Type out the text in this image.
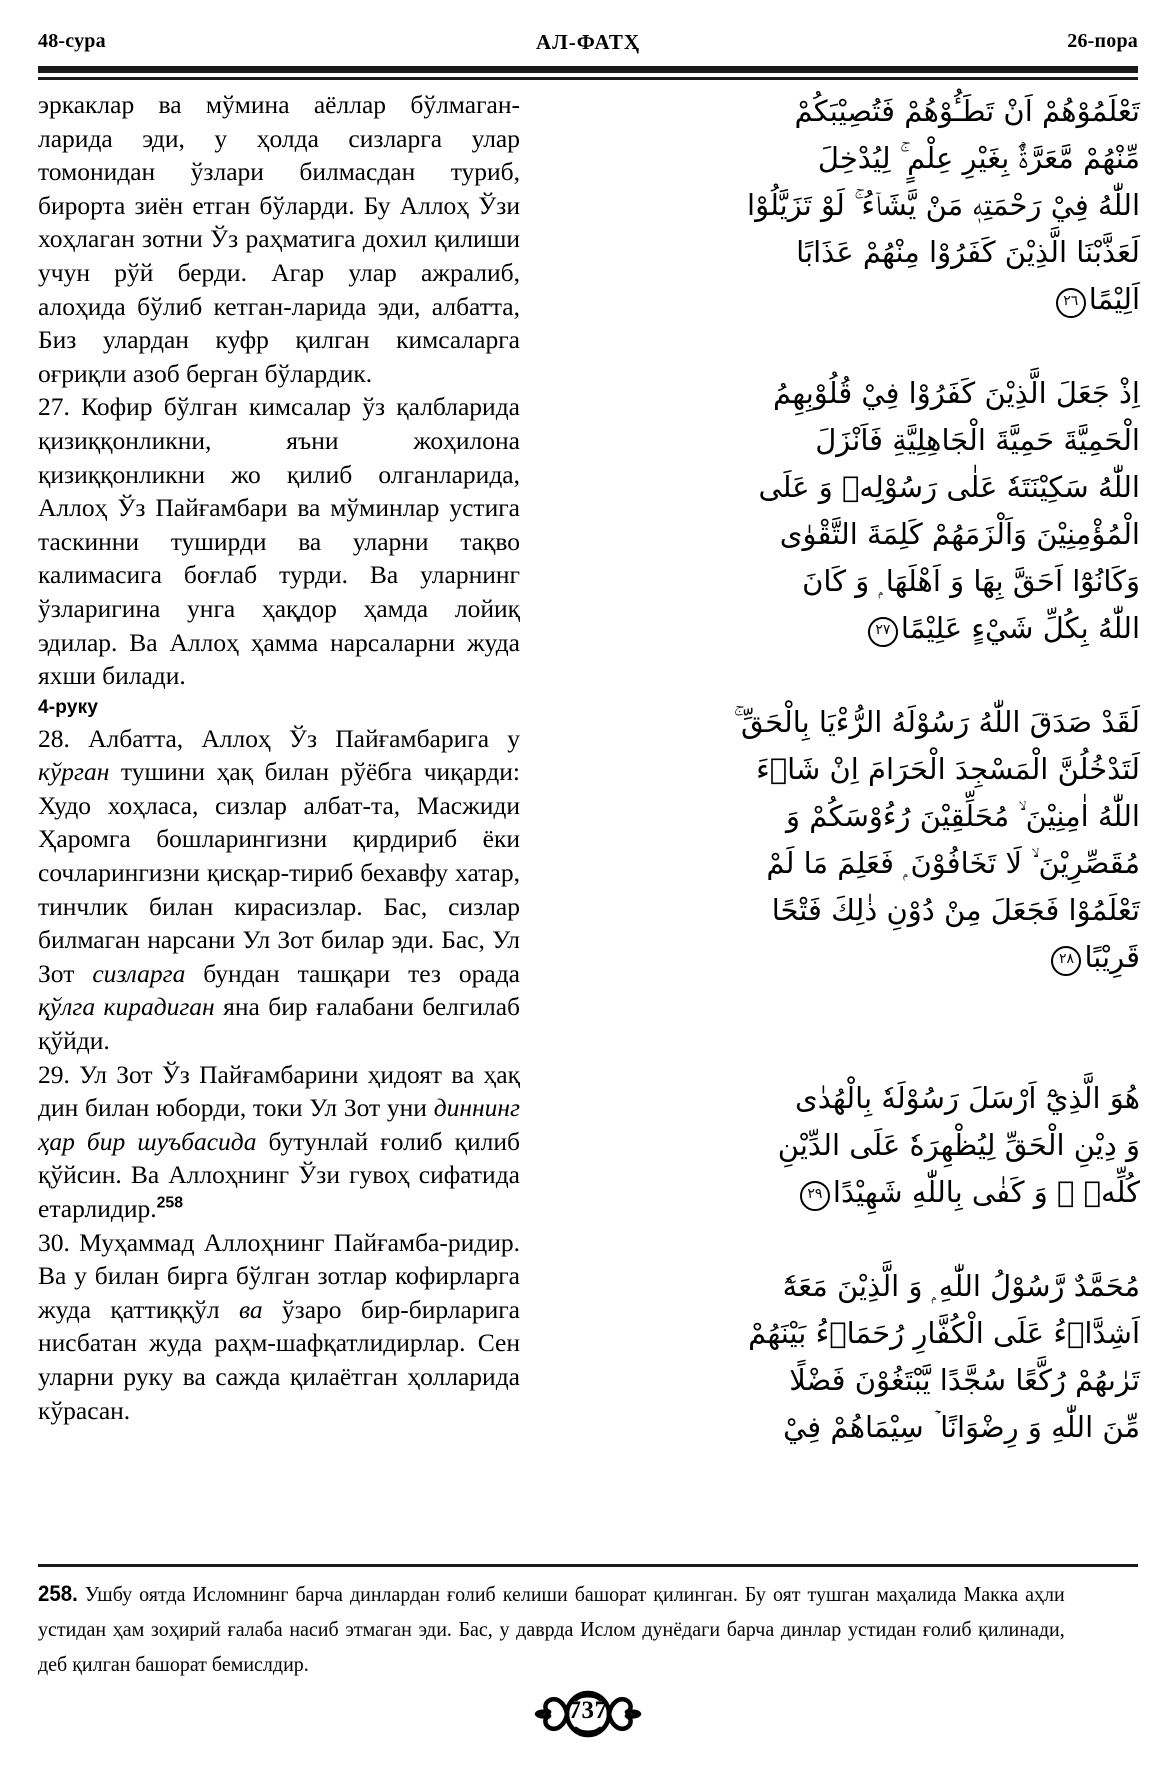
48-сура	АЛ-ФАТҲ	26-пора

эркаклар ва мўмина аёллар бўлмаган-ларида эди, у ҳолда сизларга улар томонидан ўзлари билмасдан туриб, бирорта зиён етган бўларди. Бу Аллоҳ Ўзи хоҳлаган зотни Ўз раҳматига дохил қилиши учун рўй берди. Агар улар ажралиб, алоҳида бўлиб кетган-ларида эди, албатта, Биз улардан куфр қилган кимсаларга оғриқли азоб берган бўлардик.

27. Кофир бўлган кимсалар ўз қалбларида қизиққонликни, яъни жоҳилона қизиққонликни жо қилиб олганларида, Аллоҳ Ўз Пайғамбари ва мўминлар устига таскинни туширди ва уларни тақво калимасига боғлаб турди. Ва уларнинг ўзларигина унга ҳақдор ҳамда лойиқ эдилар. Ва Аллоҳ ҳамма нарсаларни жуда яхши билади.

4-руку

28. Албатта, Аллоҳ Ўз Пайғамбарига у кўрган тушини ҳақ билан рўёбга чиқарди: Худо хоҳласа, сизлар албат-та, Масжиди Ҳаромга бошларингизни қирдириб ёки сочларингизни қисқар-тириб бехавфу хатар, тинчлик билан кирасизлар. Бас, сизлар билмаган нарсани Ул Зот билар эди. Бас, Ул Зот сизларга бундан ташқари тез орада қўлга кирадиган яна бир ғалабани белгилаб қўйди.

29. Ул Зот Ўз Пайғамбарини ҳидоят ва ҳақ дин билан юборди, токи Ул Зот уни диннинг ҳар бир шуъбасида бутунлай ғолиб қилиб қўйсин. Ва Аллоҳнинг Ўзи гувоҳ сифатида етарлидир.$^{258}$

30. Муҳаммад Аллоҳнинг Пайғамба-ридир. Ва у билан бирга бўлган зотлар кофирларга жуда қаттиққўл ва ўзаро бир-бирларига нисбатан жуда раҳм-шафқатлидирлар. Сен уларни руку ва сажда қилаётган ҳолларида кўрасан.

تَعْلَمُوْهُمْ اَنْ تَطَـُٔوْهُمْ فَتُصِيْبَكُمْ
مِّنْهُمْ مَّعَرَّةٌۢ بِغَيْرِ عِلْمٍ ۚ لِيُدْخِلَ
اللّٰهُ فِيْ رَحْمَتِهٖ مَنْ يَّشَاۤءُ ۚ لَوْ تَزَيَّلُوْا
لَعَذَّبْنَا الَّذِيْنَ كَفَرُوْا مِنْهُمْ عَذَابًا
اَلِيْمًا٢٦
اِذْ جَعَلَ الَّذِيْنَ كَفَرُوْا فِيْ قُلُوْبِهِمُ
الْحَمِيَّةَ حَمِيَّةَ الْجَاهِلِيَّةِ فَاَنْزَلَ
اللّٰهُ سَكِيْنَتَهٗ عَلٰى رَسُوْلِهٖ وَ عَلَى
الْمُؤْمِنِيْنَ وَاَلْزَمَهُمْ كَلِمَةَ التَّقْوٰى
وَكَانُوْٓا اَحَقَّ بِهَا وَ اَهْلَهَا ۭ وَ كَانَ
اللّٰهُ بِكُلِّ شَيْءٍ عَلِيْمًا٢٧
لَقَدْ صَدَقَ اللّٰهُ رَسُوْلَهُ الرُّءْيَا بِالْحَقِّ ۚ
لَتَدْخُلُنَّ الْمَسْجِدَ الْحَرَامَ اِنْ شَاۤءَ
اللّٰهُ اٰمِنِيْنَ ۙ مُحَلِّقِيْنَ رُءُوْسَكُمْ وَ
مُقَصِّرِيْنَ ۙ لَا تَخَافُوْنَ ۭ فَعَلِمَ مَا لَمْ
تَعْلَمُوْا فَجَعَلَ مِنْ دُوْنِ ذٰلِكَ فَتْحًا
قَرِيْبًا٢٨
هُوَ الَّذِيْٓ اَرْسَلَ رَسُوْلَهٗ بِالْهُدٰى
وَ دِيْنِ الْحَقِّ لِيُظْهِرَهٗ عَلَى الدِّيْنِ
كُلِّهٖ ۭ وَ كَفٰى بِاللّٰهِ شَهِيْدًا٢٩
مُحَمَّدٌ رَّسُوْلُ اللّٰهِ ۭ وَ الَّذِيْنَ مَعَهٗٓ
اَشِدَّاۤءُ عَلَى الْكُفَّارِ رُحَمَاۤءُ بَيْنَهُمْ
تَرٰىهُمْ رُكَّعًا سُجَّدًا يَّبْتَغُوْنَ فَضْلًا
مِّنَ اللّٰهِ وَ رِضْوَانًا ۡ سِيْمَاهُمْ فِيْ
258. Ушбу оятда Исломнинг барча динлардан ғолиб келиши башорат қилинган. Бу оят тушган маҳалида Макка аҳли устидан ҳам зоҳирий ғалаба насиб этмаган эди. Бас, у даврда Ислом дунёдаги барча динлар устидан ғолиб қилинади, деб қилган башорат бемислдир.
737
